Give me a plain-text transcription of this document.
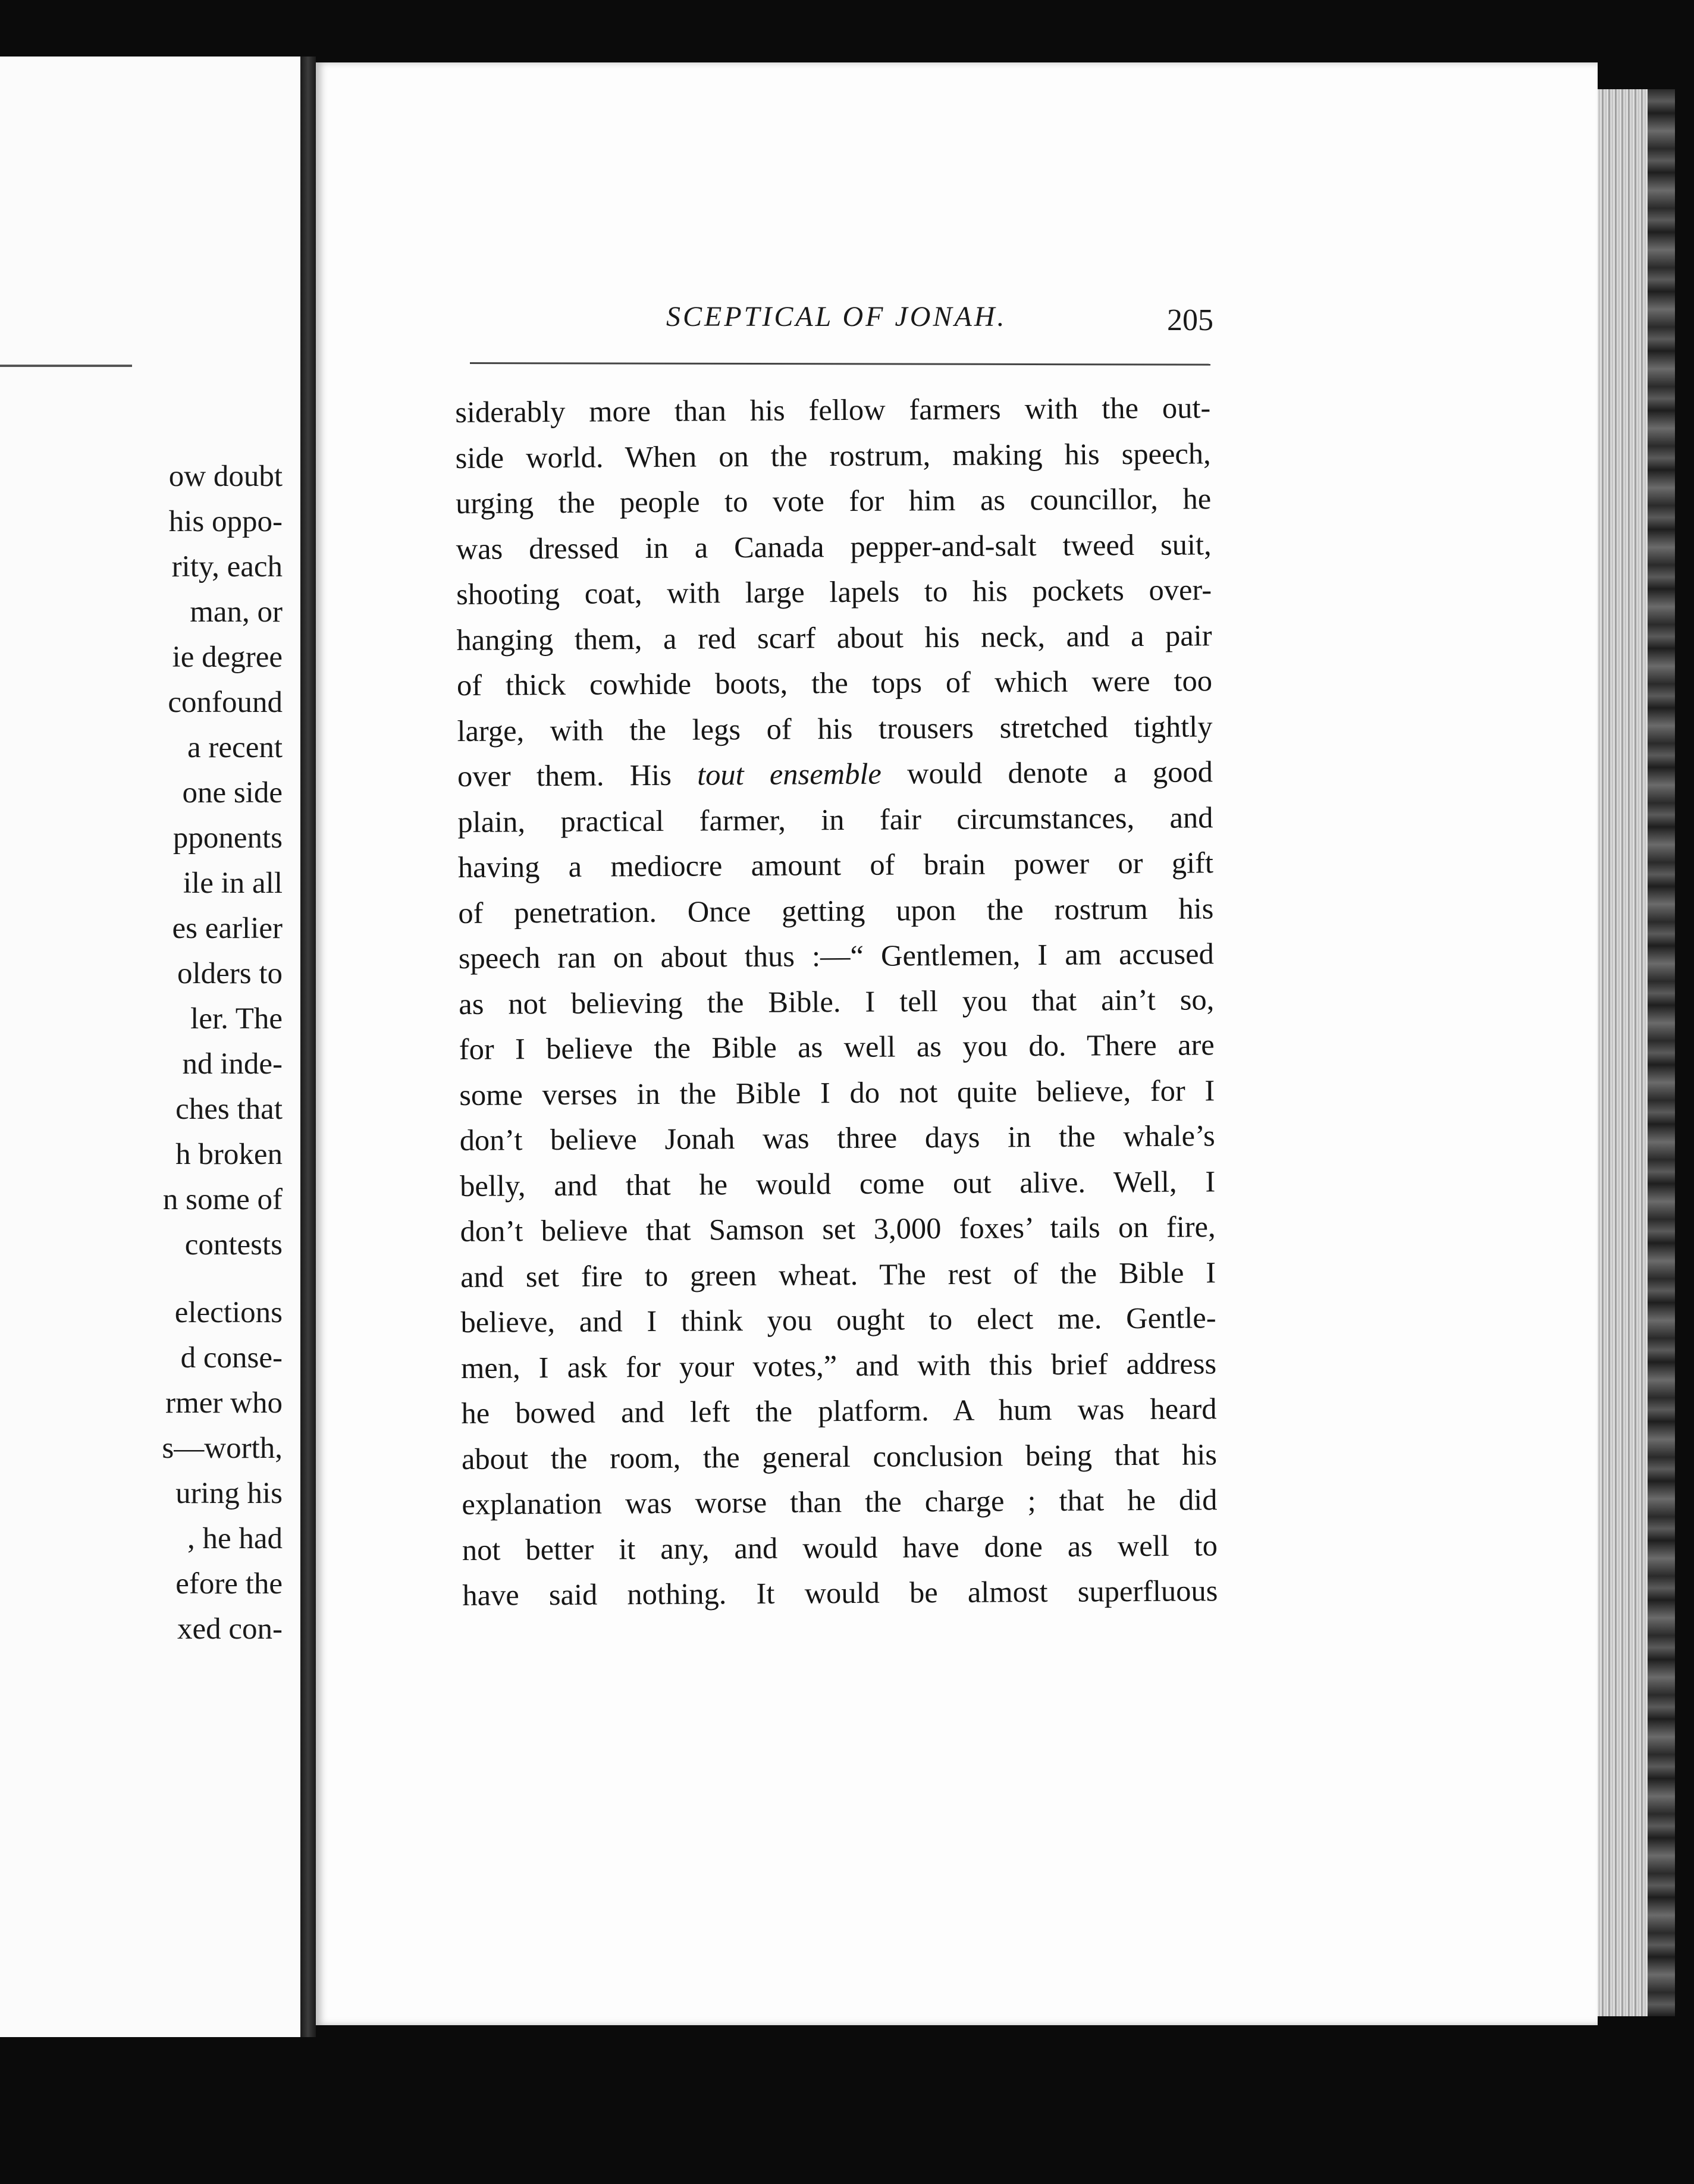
ow doubt
his oppo-
rity, each
man, or
ie degree
confound
a recent
one side
pponents
ile in all
es earlier
olders to
ler. The
nd inde-
ches that
h broken
n some of
contests
elections
d conse-
rmer who
s—worth,
uring his
, he had
efore the
xed con-
SCEPTICAL OF JONAH.	205
siderably more than his fellow farmers with the out-
side world. When on the rostrum, making his speech,
urging the people to vote for him as councillor, he
was dressed in a Canada pepper-and-salt tweed suit,
shooting coat, with large lapels to his pockets over-
hanging them, a red scarf about his neck, and a pair
of thick cowhide boots, the tops of which were too
large, with the legs of his trousers stretched tightly
over them. His tout ensemble would denote a good
plain, practical farmer, in fair circumstances, and
having a mediocre amount of brain power or gift
of penetration. Once getting upon the rostrum his
speech ran on about thus :—“ Gentlemen, I am accused
as not believing the Bible. I tell you that ain’t so,
for I believe the Bible as well as you do. There are
some verses in the Bible I do not quite believe, for I
don’t believe Jonah was three days in the whale’s
belly, and that he would come out alive. Well, I
don’t believe that Samson set 3,000 foxes’ tails on fire,
and set fire to green wheat. The rest of the Bible I
believe, and I think you ought to elect me. Gentle-
men, I ask for your votes,” and with this brief address
he bowed and left the platform. A hum was heard
about the room, the general conclusion being that his
explanation was worse than the charge ; that he did
not better it any, and would have done as well to
have said nothing. It would be almost superfluous
